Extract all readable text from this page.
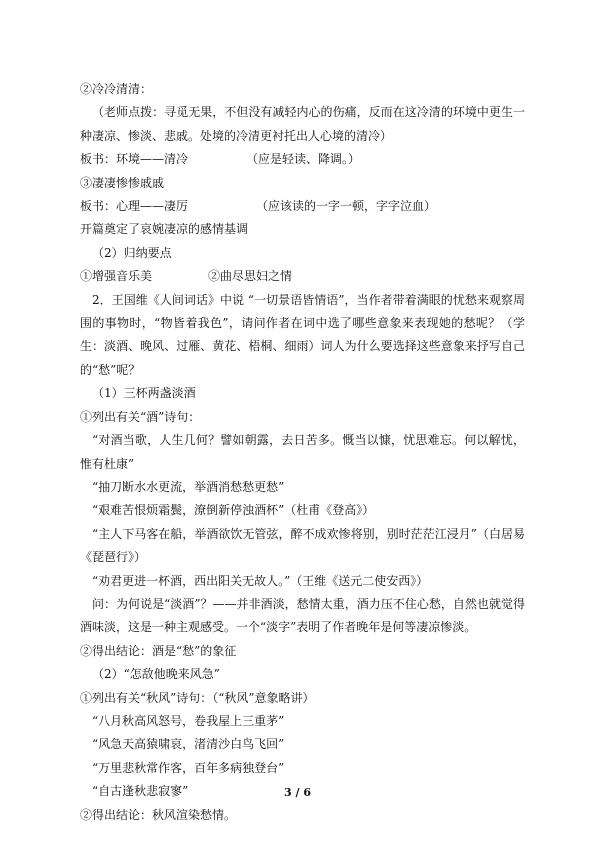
②冷冷清清：
（老师点拨：寻觅无果，不但没有减轻内心的伤痛，反而在这冷清的环境中更生一种凄凉、惨淡、悲戚。处境的冷清更衬托出人心境的清冷）
板书：环境——清冷	（应是轻读、降调。）
③凄凄惨惨戚戚
板书：心理——凄厉	（应该读的一字一顿，字字泣血）
开篇奠定了哀婉凄凉的感情基调
（2）归纳要点
①增强音乐美	②曲尽思妇之情
2．王国维《人间词话》中说 “一切景语皆情语”，当作者带着满眼的忧愁来观察周围的事物时，“物皆着我色”，请问作者在词中选了哪些意象来表现她的愁呢？（学生：淡酒、晚风、过雁、黄花、梧桐、细雨）词人为什么要选择这些意象来抒写自己的“愁”呢？
（1）三杯两盏淡酒
①列出有关“酒”诗句：
“对酒当歌，人生几何？譬如朝露，去日苦多。慨当以慷，忧思难忘。何以解忧，惟有杜康”
“抽刀断水水更流，举酒消愁愁更愁”
“艰难苦恨烦霜鬓，潦倒新停浊酒杯”（杜甫《登高》）
“主人下马客在船，举酒欲饮无管弦，醉不成欢惨将别，别时茫茫江浸月”（白居易《琵琶行》）
“劝君更进一杯酒，西出阳关无故人。”（王维《送元二使安西》）
问：为何说是“淡酒”？——并非酒淡，愁情太重，酒力压不住心愁，自然也就觉得酒味淡，这是一种主观感受。一个“淡字”表明了作者晚年是何等凄凉惨淡。
②得出结论：酒是“愁”的象征
（2）“怎敌他晚来风急”
①列出有关“秋风”诗句：（“秋风”意象略讲）
“八月秋高风怒号，卷我屋上三重茅”
“风急天高猿啸哀，渚清沙白鸟飞回”
“万里悲秋常作客，百年多病独登台”
“自古逢秋悲寂寥”
②得出结论：秋风渲染愁情。
3 / 6
